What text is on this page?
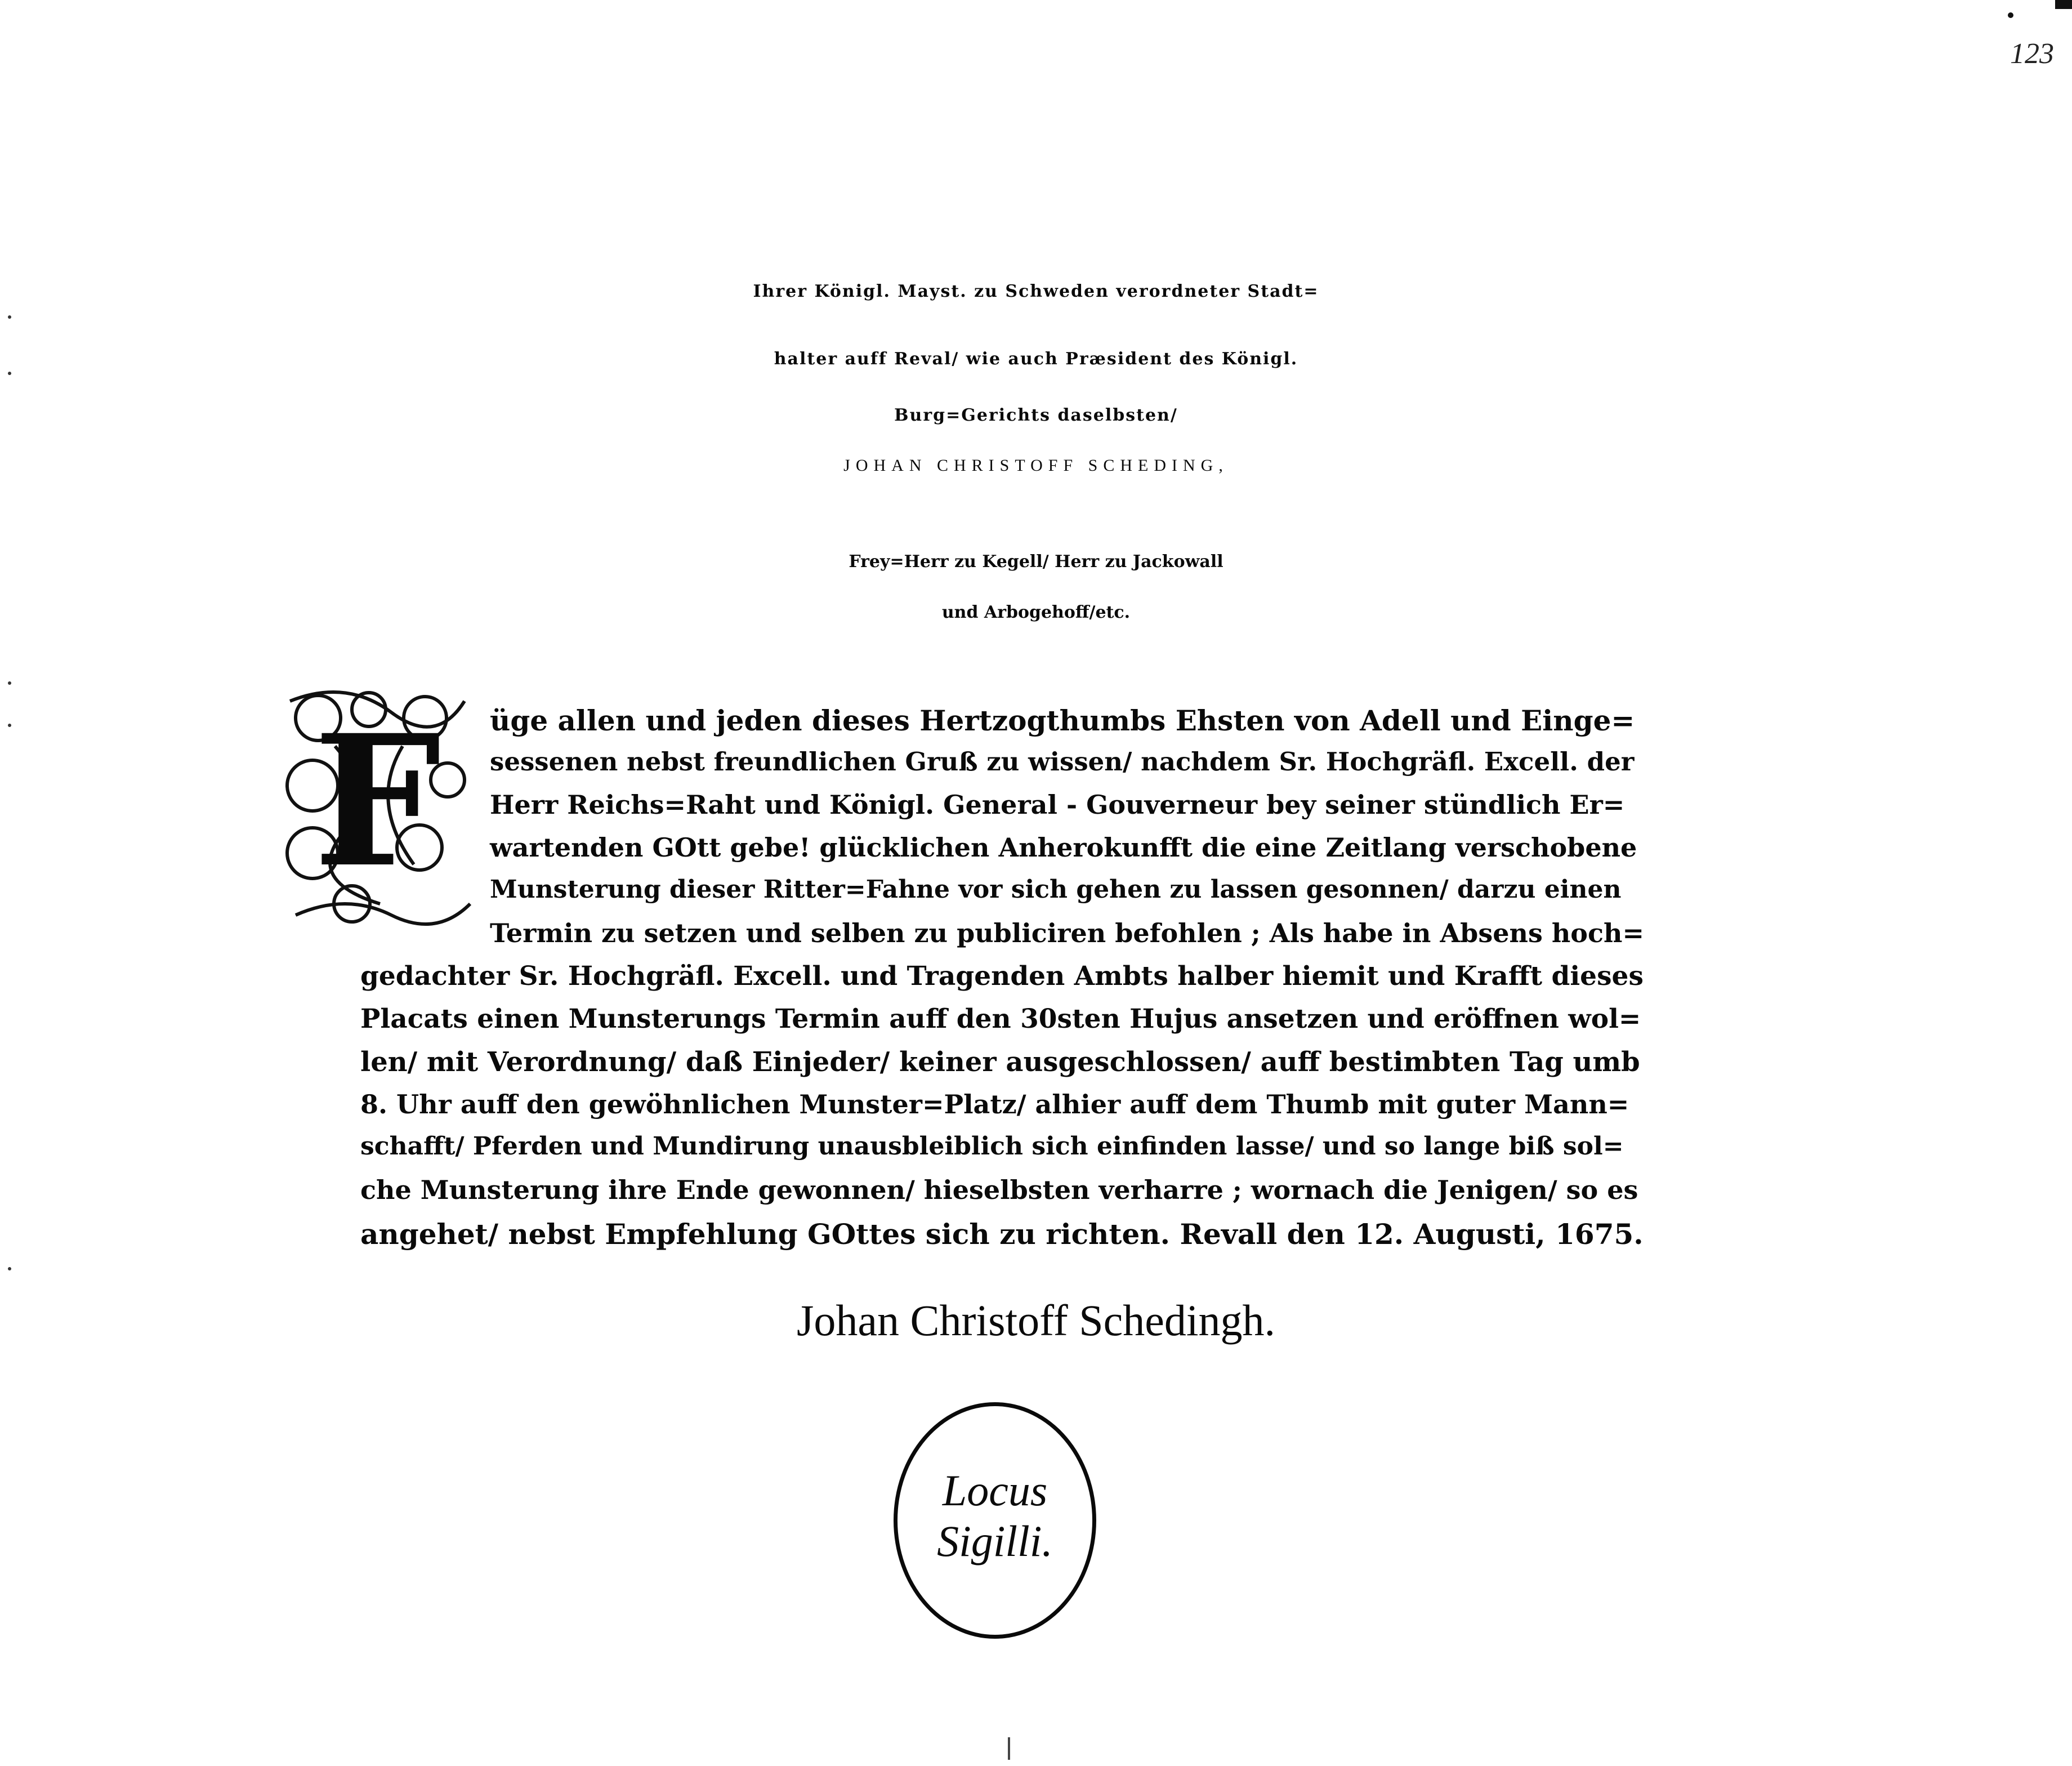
123
Ihrer Königl. Mayst. zu Schweden verordneter Stadt=
halter auff Reval/ wie auch Præsident des Königl.
Burg=Gerichts daselbsten/
JOHAN CHRISTOFF SCHEDING,
Frey=Herr zu Kegell/ Herr zu Jackowall
und Arbogehoff/etc.
F	üge allen und jeden dieses Hertzogthumbs Ehsten von Adell und Einge=
sessenen nebst freundlichen Gruß zu wissen/ nachdem Sr. Hochgräfl. Excell. der
Herr Reichs=Raht und Königl. General - Gouverneur bey seiner stündlich Er=
wartenden GOtt gebe! glücklichen Anherokunfft die eine Zeitlang verschobene
Munsterung dieser Ritter=Fahne vor sich gehen zu lassen gesonnen/ darzu einen
Termin zu setzen und selben zu publiciren befohlen ; Als habe in Absens hoch=
gedachter Sr. Hochgräfl. Excell. und Tragenden Ambts halber hiemit und Krafft dieses
Placats einen Munsterungs Termin auff den 30sten Hujus ansetzen und eröffnen wol=
len/ mit Verordnung/ daß Einjeder/ keiner ausgeschlossen/ auff bestimbten Tag umb
8. Uhr auff den gewöhnlichen Munster=Platz/ alhier auff dem Thumb mit guter Mann=
schafft/ Pferden und Mundirung unausbleiblich sich einfinden lasse/ und so lange biß sol=
che Munsterung ihre Ende gewonnen/ hieselbsten verharre ; wornach die Jenigen/ so es
angehet/ nebst Empfehlung GOttes sich zu richten. Revall den 12. Augusti, 1675.
Johan Christoff Schedingh.
Locus
Sigilli.
